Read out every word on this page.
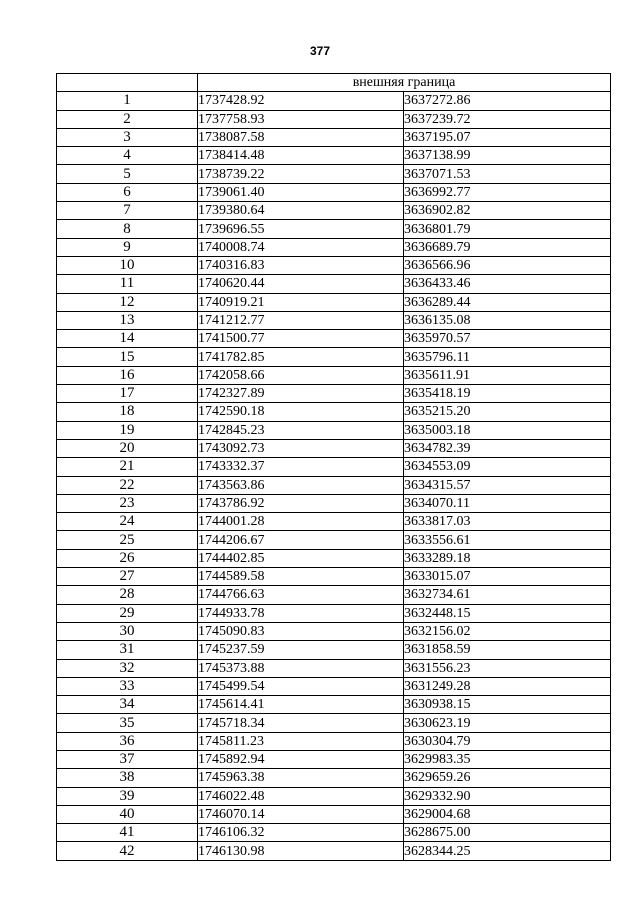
377
	внешняя граница	
1	1737428.92	3637272.86
2	1737758.93	3637239.72
3	1738087.58	3637195.07
4	1738414.48	3637138.99
5	1738739.22	3637071.53
6	1739061.40	3636992.77
7	1739380.64	3636902.82
8	1739696.55	3636801.79
9	1740008.74	3636689.79
10	1740316.83	3636566.96
11	1740620.44	3636433.46
12	1740919.21	3636289.44
13	1741212.77	3636135.08
14	1741500.77	3635970.57
15	1741782.85	3635796.11
16	1742058.66	3635611.91
17	1742327.89	3635418.19
18	1742590.18	3635215.20
19	1742845.23	3635003.18
20	1743092.73	3634782.39
21	1743332.37	3634553.09
22	1743563.86	3634315.57
23	1743786.92	3634070.11
24	1744001.28	3633817.03
25	1744206.67	3633556.61
26	1744402.85	3633289.18
27	1744589.58	3633015.07
28	1744766.63	3632734.61
29	1744933.78	3632448.15
30	1745090.83	3632156.02
31	1745237.59	3631858.59
32	1745373.88	3631556.23
33	1745499.54	3631249.28
34	1745614.41	3630938.15
35	1745718.34	3630623.19
36	1745811.23	3630304.79
37	1745892.94	3629983.35
38	1745963.38	3629659.26
39	1746022.48	3629332.90
40	1746070.14	3629004.68
41	1746106.32	3628675.00
42	1746130.98	3628344.25
